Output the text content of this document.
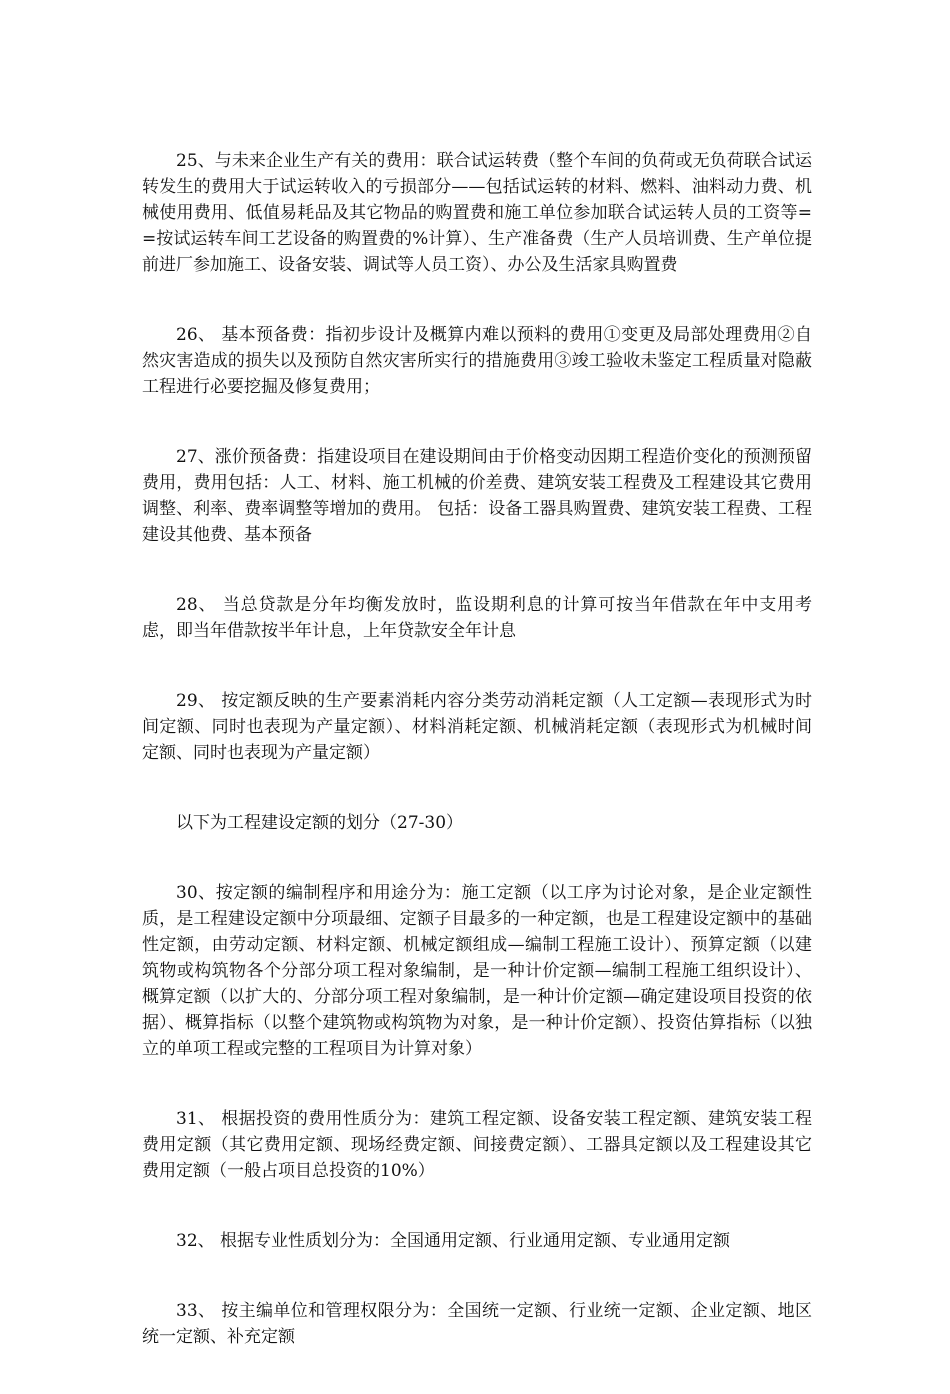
25、与未来企业生产有关的费用：联合试运转费（整个车间的负荷或无负荷联合试运转发生的费用大于试运转收入的亏损部分——包括试运转的材料、燃料、油料动力费、机械使用费用、低值易耗品及其它物品的购置费和施工单位参加联合试运转人员的工资等==按试运转车间工艺设备的购置费的%计算）、生产准备费（生产人员培训费、生产单位提前进厂参加施工、设备安装、调试等人员工资）、办公及生活家具购置费

26、 基本预备费：指初步设计及概算内难以预料的费用①变更及局部处理费用②自然灾害造成的损失以及预防自然灾害所实行的措施费用③竣工验收未鉴定工程质量对隐蔽工程进行必要挖掘及修复费用；

27、涨价预备费：指建设项目在建设期间由于价格变动因期工程造价变化的预测预留费用，费用包括：人工、材料、施工机械的价差费、建筑安装工程费及工程建设其它费用调整、利率、费率调整等增加的费用。 包括：设备工器具购置费、建筑安装工程费、工程建设其他费、基本预备

28、 当总贷款是分年均衡发放时，监设期利息的计算可按当年借款在年中支用考虑，即当年借款按半年计息，上年贷款安全年计息

29、 按定额反映的生产要素消耗内容分类劳动消耗定额（人工定额—表现形式为时间定额、同时也表现为产量定额）、材料消耗定额、机械消耗定额（表现形式为机械时间定额、同时也表现为产量定额）

以下为工程建设定额的划分（27-30）

30、按定额的编制程序和用途分为：施工定额（以工序为讨论对象，是企业定额性质，是工程建设定额中分项最细、定额子目最多的一种定额，也是工程建设定额中的基础性定额，由劳动定额、材料定额、机械定额组成—编制工程施工设计）、预算定额（以建筑物或构筑物各个分部分项工程对象编制，是一种计价定额—编制工程施工组织设计）、概算定额（以扩大的、分部分项工程对象编制，是一种计价定额—确定建设项目投资的依据）、概算指标（以整个建筑物或构筑物为对象，是一种计价定额）、投资估算指标（以独立的单项工程或完整的工程项目为计算对象）

31、 根据投资的费用性质分为：建筑工程定额、设备安装工程定额、建筑安装工程费用定额（其它费用定额、现场经费定额、间接费定额）、工器具定额以及工程建设其它费用定额（一般占项目总投资的10%）

32、 根据专业性质划分为：全国通用定额、行业通用定额、专业通用定额

33、 按主编单位和管理权限分为：全国统一定额、行业统一定额、企业定额、地区统一定额、补充定额
